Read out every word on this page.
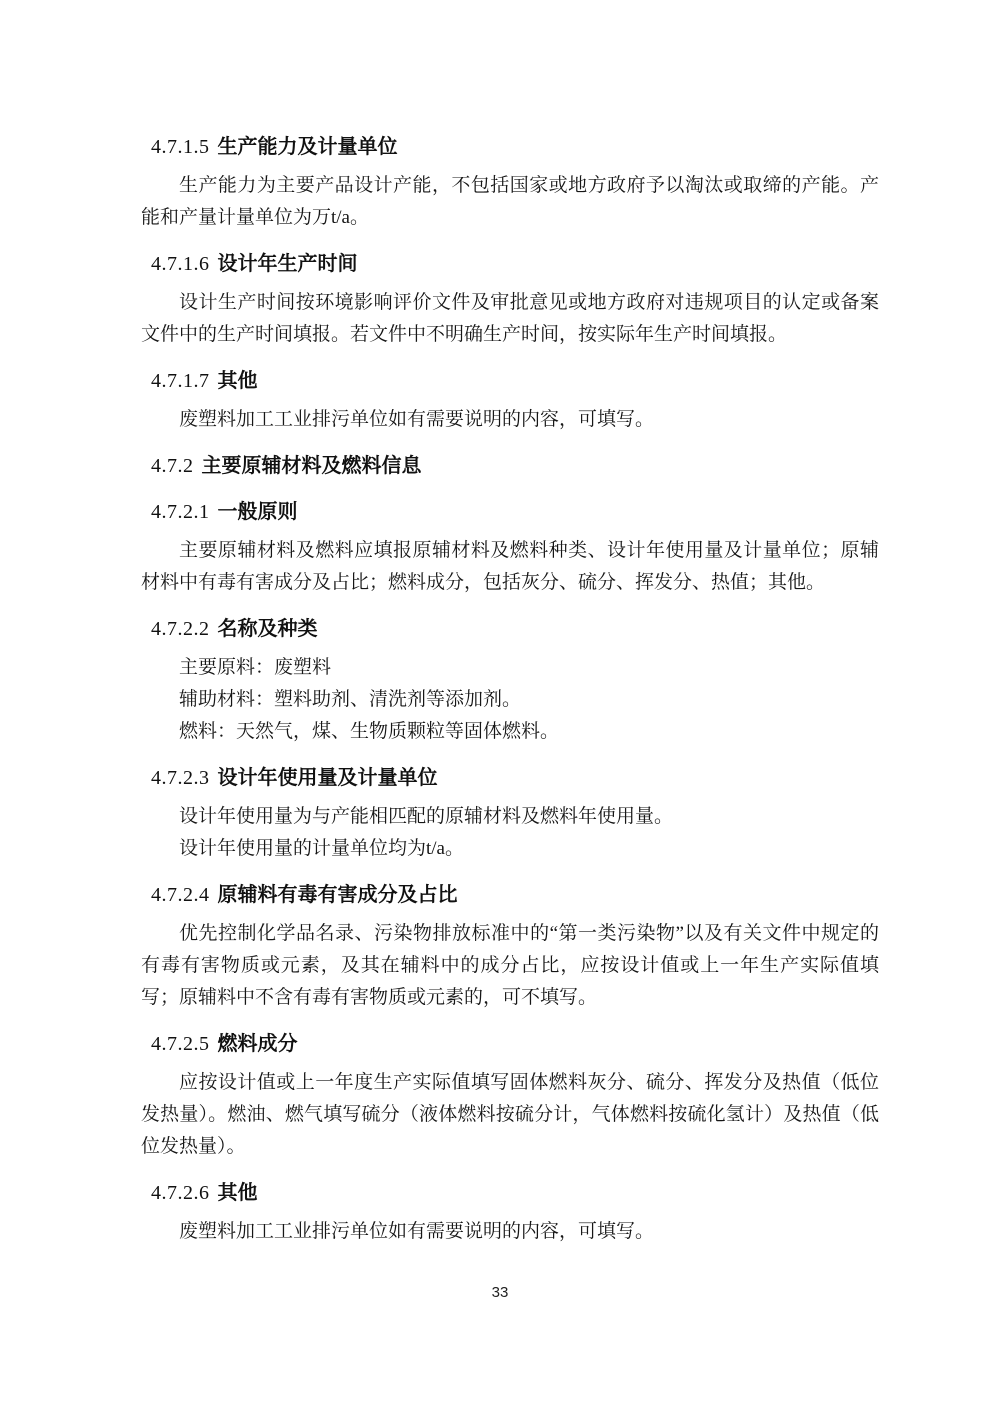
4.7.1.5 生产能力及计量单位

生产能力为主要产品设计产能，不包括国家或地方政府予以淘汰或取缔的产能。产能和产量计量单位为万t/a。

4.7.1.6 设计年生产时间

设计生产时间按环境影响评价文件及审批意见或地方政府对违规项目的认定或备案文件中的生产时间填报。若文件中不明确生产时间，按实际年生产时间填报。

4.7.1.7 其他

废塑料加工工业排污单位如有需要说明的内容，可填写。

4.7.2 主要原辅材料及燃料信息
4.7.2.1 一般原则

主要原辅材料及燃料应填报原辅材料及燃料种类、设计年使用量及计量单位；原辅材料中有毒有害成分及占比；燃料成分，包括灰分、硫分、挥发分、热值；其他。

4.7.2.2 名称及种类

主要原料：废塑料

辅助材料：塑料助剂、清洗剂等添加剂。

燃料：天然气，煤、生物质颗粒等固体燃料。

4.7.2.3 设计年使用量及计量单位

设计年使用量为与产能相匹配的原辅材料及燃料年使用量。

设计年使用量的计量单位均为t/a。

4.7.2.4 原辅料有毒有害成分及占比

优先控制化学品名录、污染物排放标准中的“第一类污染物”以及有关文件中规定的有毒有害物质或元素，及其在辅料中的成分占比，应按设计值或上一年生产实际值填写；原辅料中不含有毒有害物质或元素的，可不填写。

4.7.2.5 燃料成分

应按设计值或上一年度生产实际值填写固体燃料灰分、硫分、挥发分及热值（低位发热量）。燃油、燃气填写硫分（液体燃料按硫分计，气体燃料按硫化氢计）及热值（低位发热量）。

4.7.2.6 其他

废塑料加工工业排污单位如有需要说明的内容，可填写。

33
